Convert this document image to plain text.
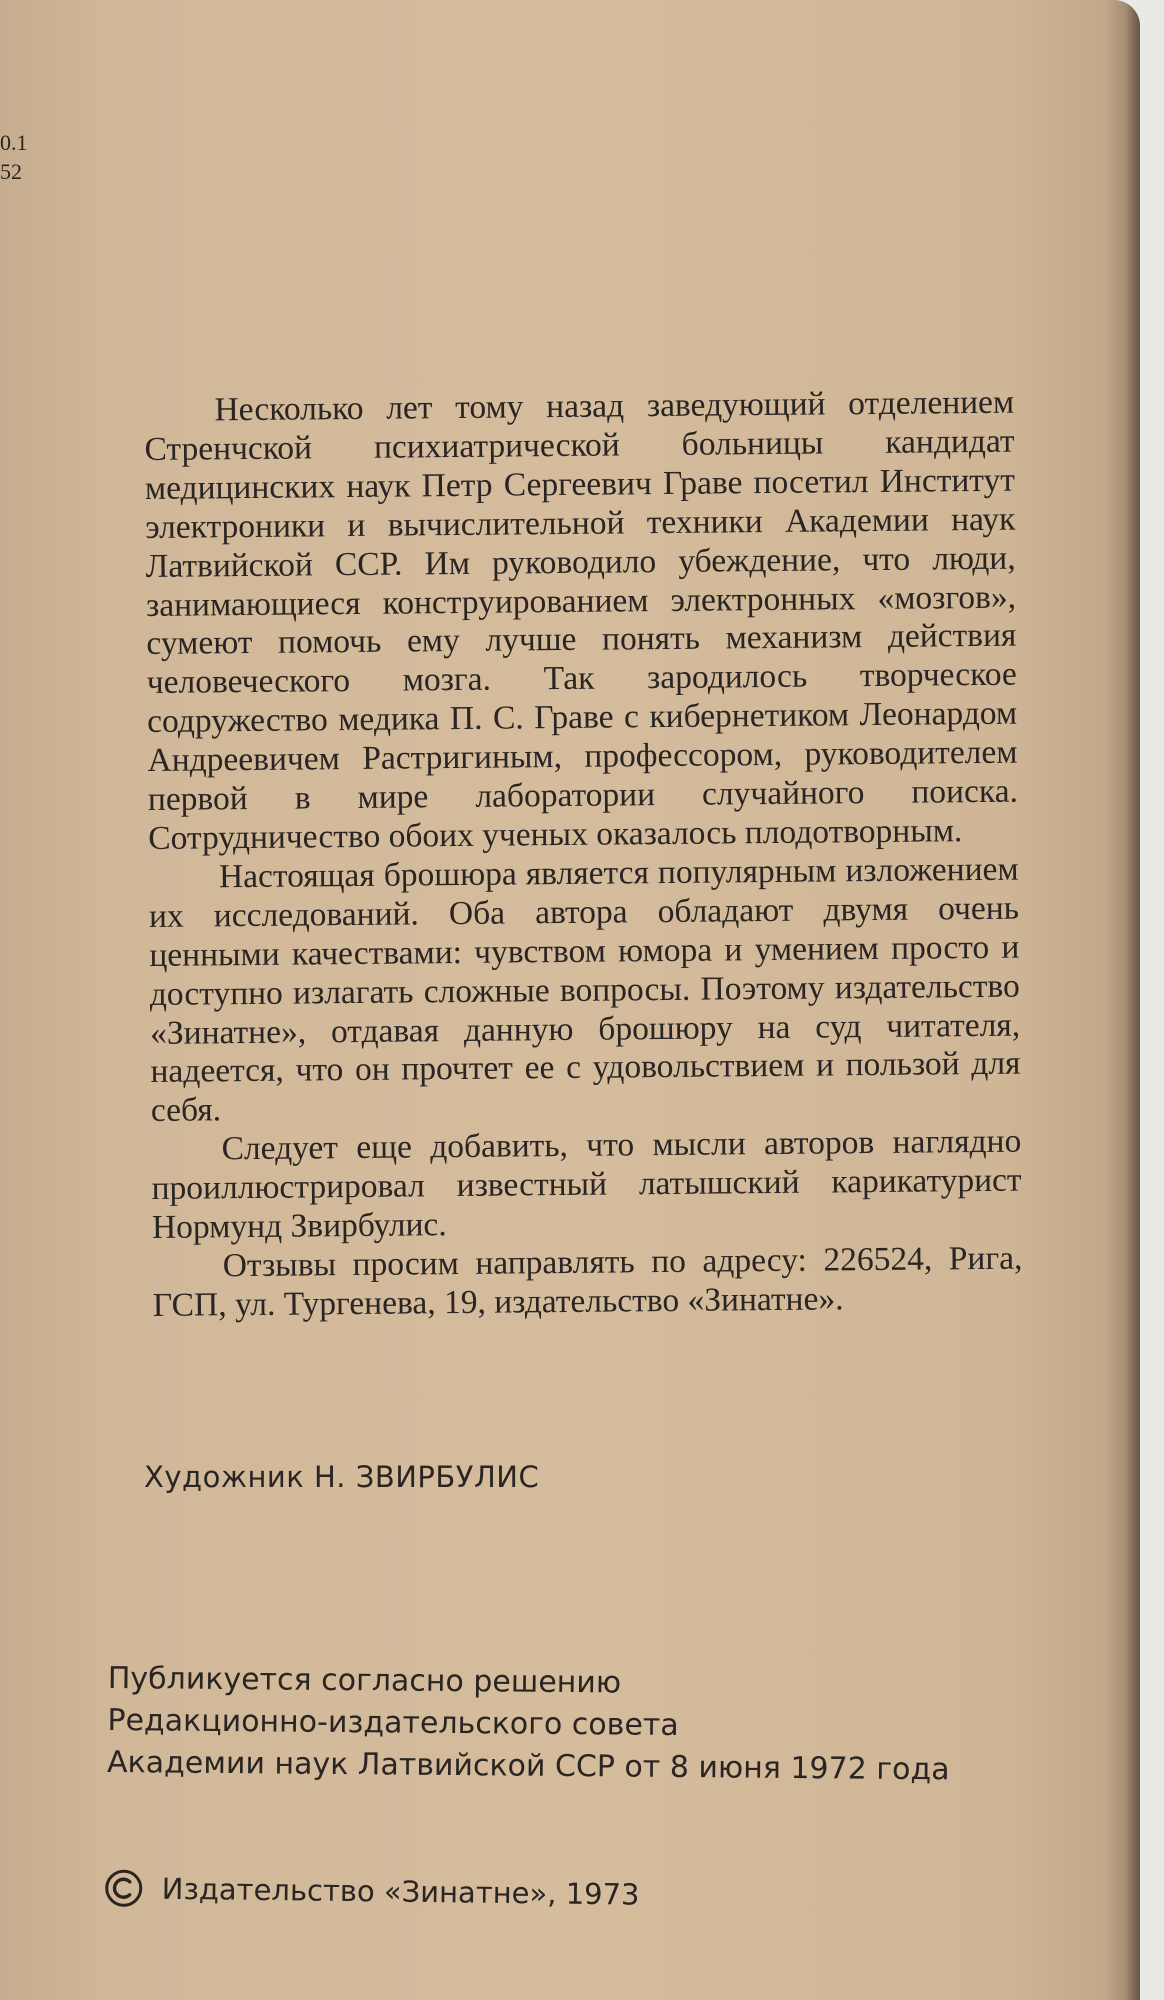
0.1
52

Несколько лет тому назад заведующий отделением Стренчской психиатрической больницы кандидат медицинских наук Петр Сергеевич Граве посетил Институт электроники и вычислительной техники Академии наук Латвийской ССР. Им руководило убеждение, что люди, занимающиеся конструированием электронных «мозгов», сумеют помочь ему лучше понять механизм действия человеческого мозга. Так зародилось творческое содружество медика П. С. Граве с кибернетиком Леонардом Андреевичем Растригиным, профессором, руководителем первой в мире лаборатории случайного поиска. Сотрудничество обоих ученых оказалось плодотворным.

Настоящая брошюра является популярным изложением их исследований. Оба автора обладают двумя очень ценными качествами: чувством юмора и умением просто и доступно излагать сложные вопросы. Поэтому издательство «Зинатне», отдавая данную брошюру на суд читателя, надеется, что он прочтет ее с удовольствием и пользой для себя.

Следует еще добавить, что мысли авторов наглядно проиллюстрировал известный латышский карикатурист Нормунд Звирбулис.

Отзывы просим направлять по адресу: 226524, Рига, ГСП, ул. Тургенева, 19, издательство «Зинатне».

Художник Н. ЗВИРБУЛИС
Публикуется согласно решению
Редакционно-издательского совета
Академии наук Латвийской ССР от 8 июня 1972 года
Издательство «Зинатне», 1973
